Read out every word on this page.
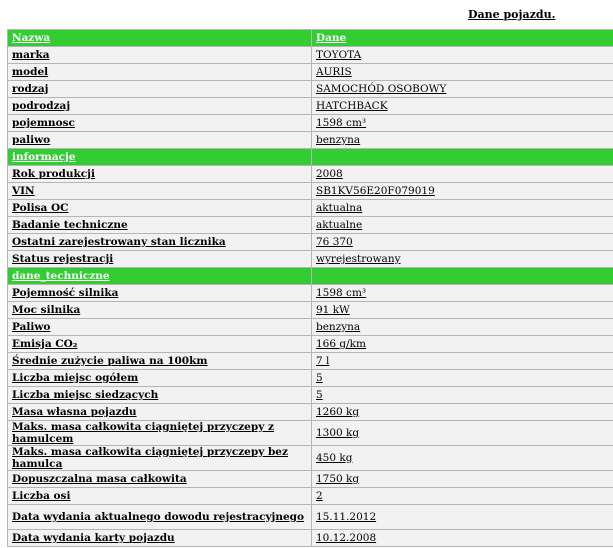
Dane pojazdu.
Nazwa	Dane
marka	TOYOTA
model	AURIS
rodzaj	SAMOCHÓD OSOBOWY
podrodzaj	HATCHBACK
pojemnosc	1598 cm³
paliwo	benzyna
informacje	
Rok produkcji	2008
VIN	SB1KV56E20F079019
Polisa OC	aktualna
Badanie techniczne	aktualne
Ostatni zarejestrowany stan licznika	76 370
Status rejestracji	wyrejestrowany
dane_techniczne	
Pojemność silnika	1598 cm³
Moc silnika	91 kW
Paliwo	benzyna
Emisja CO₂	166 g/km
Średnie zużycie paliwa na 100km	7 l
Liczba miejsc ogółem	5
Liczba miejsc siedzących	5
Masa własna pojazdu	1260 kg
Maks. masa całkowita ciągniętej przyczepy z hamulcem	1300 kg
Maks. masa całkowita ciągniętej przyczepy bez hamulca	450 kg
Dopuszczalna masa całkowita	1750 kg
Liczba osi	2
Data wydania aktualnego dowodu rejestracyjnego	15.11.2012
Data wydania karty pojazdu	10.12.2008
